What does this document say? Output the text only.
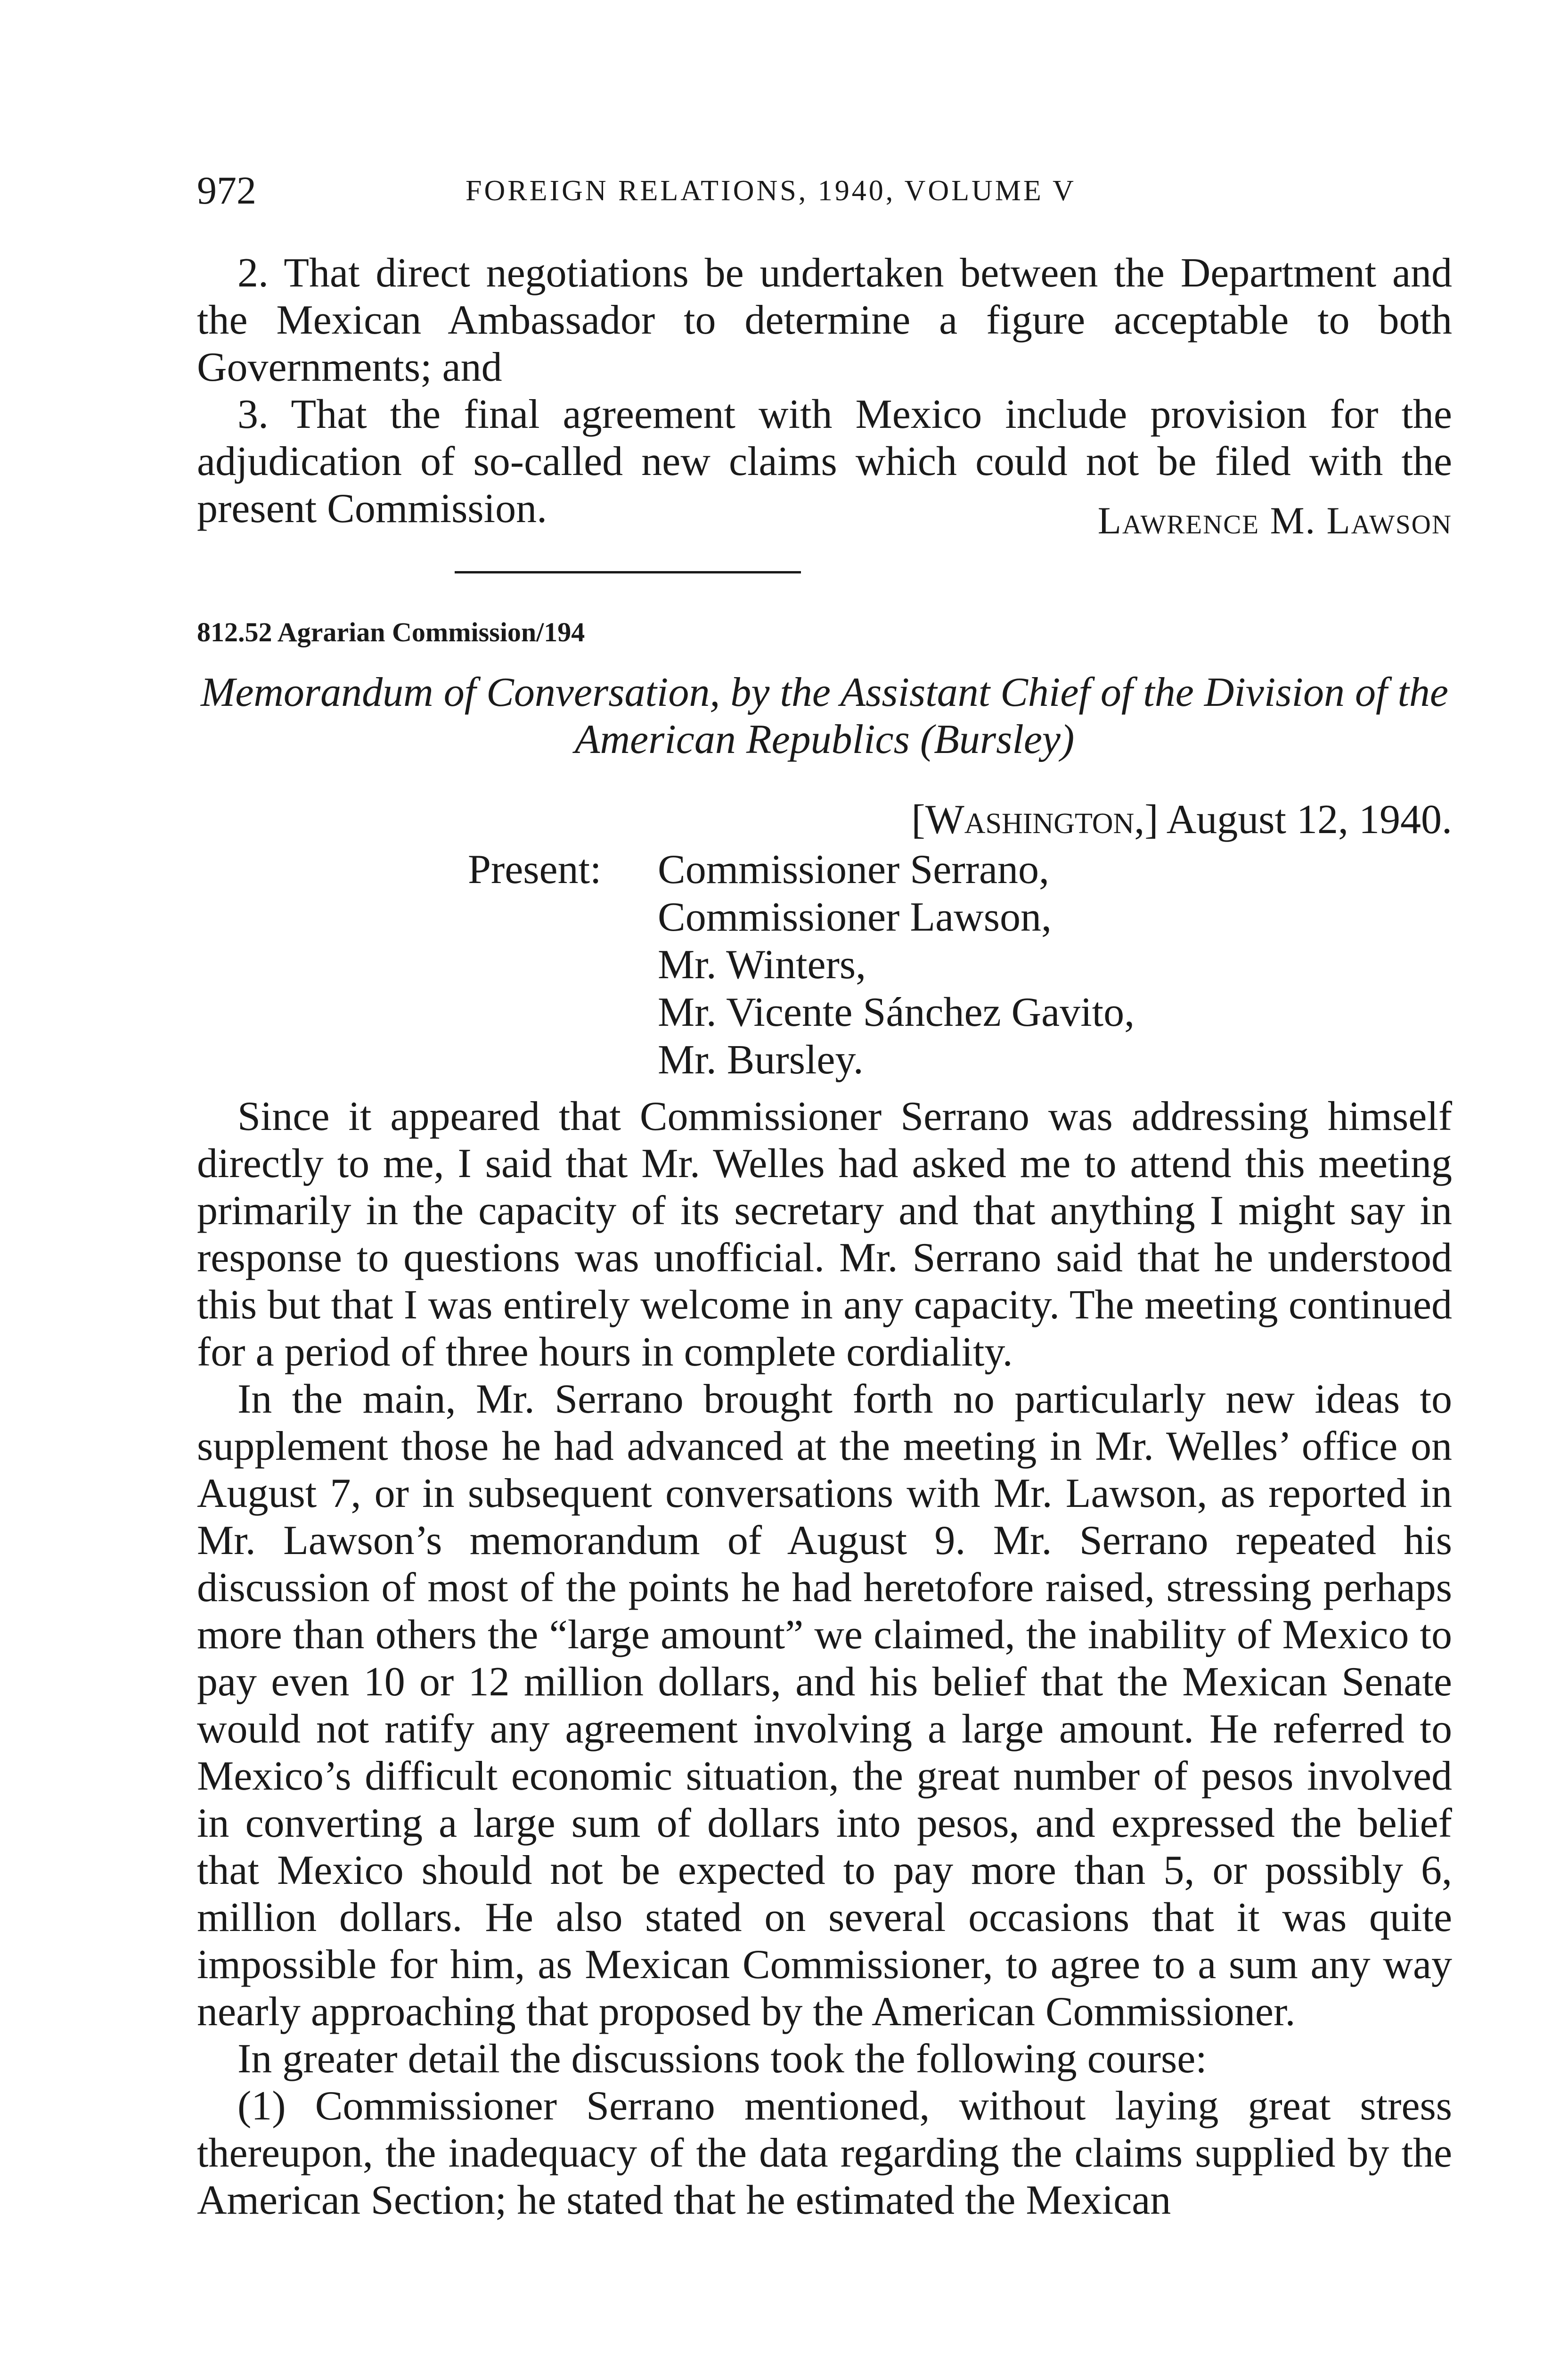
972	FOREIGN RELATIONS, 1940, VOLUME V

2. That direct negotiations be undertaken between the Department and the Mexican Ambassador to determine a figure acceptable to both Governments; and

3. That the final agreement with Mexico include provision for the adjudication of so-called new claims which could not be filed with the present Commission.	Lawrence M. Lawson
812.52 Agrarian Commission/194
Memorandum of Conversation, by the Assistant Chief of the Division of the American Republics (Bursley)
[Washington,] August 12, 1940.
Present:	Commissioner Serrano,
Commissioner Lawson,
Mr. Winters,
Mr. Vicente Sánchez Gavito,
Mr. Bursley.

Since it appeared that Commissioner Serrano was addressing himself directly to me, I said that Mr. Welles had asked me to attend this meeting primarily in the capacity of its secretary and that anything I might say in response to questions was unofficial. Mr. Serrano said that he understood this but that I was entirely welcome in any capacity. The meeting continued for a period of three hours in complete cordiality.

In the main, Mr. Serrano brought forth no particularly new ideas to supplement those he had advanced at the meeting in Mr. Welles’ office on August 7, or in subsequent conversations with Mr. Lawson, as reported in Mr. Lawson’s memorandum of August 9. Mr. Serrano repeated his discussion of most of the points he had heretofore raised, stressing perhaps more than others the “large amount” we claimed, the inability of Mexico to pay even 10 or 12 million dollars, and his belief that the Mexican Senate would not ratify any agreement involving a large amount. He referred to Mexico’s difficult economic situation, the great number of pesos involved in converting a large sum of dollars into pesos, and expressed the belief that Mexico should not be expected to pay more than 5, or possibly 6, million dollars. He also stated on several occasions that it was quite impossible for him, as Mexican Commissioner, to agree to a sum any way nearly approaching that proposed by the American Commissioner.

In greater detail the discussions took the following course:

(1) Commissioner Serrano mentioned, without laying great stress thereupon, the inadequacy of the data regarding the claims supplied by the American Section; he stated that he estimated the Mexican
